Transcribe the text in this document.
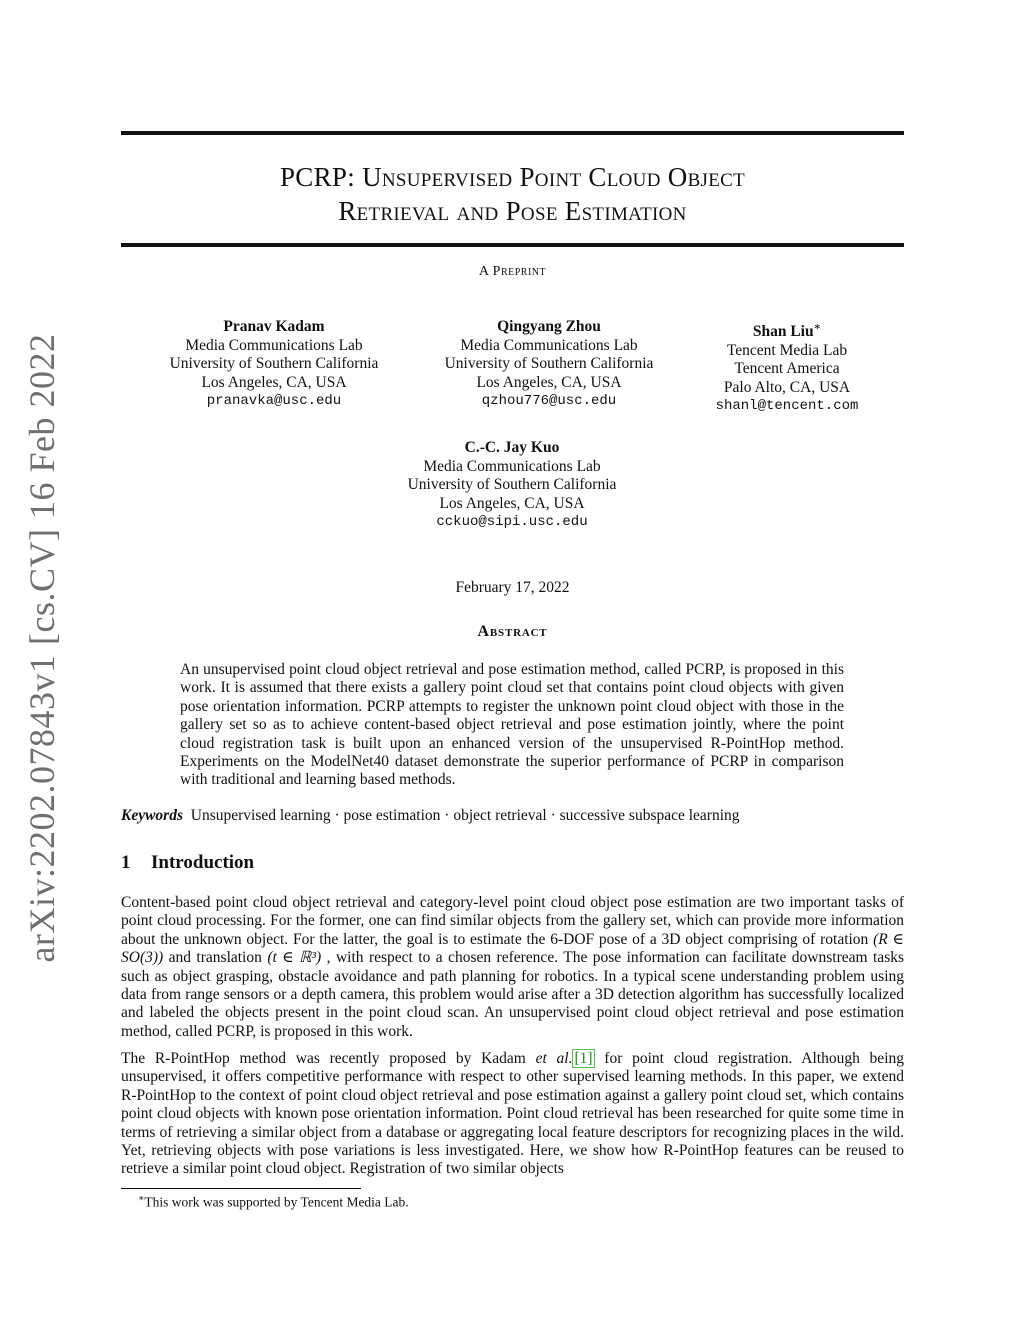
arXiv:2202.07843v1 [cs.CV] 16 Feb 2022
PCRP: Unsupervised Point Cloud Object
Retrieval and Pose Estimation
A Preprint
Pranav Kadam
Media Communications Lab
University of Southern California
Los Angeles, CA, USA
pranavka@usc.edu
Qingyang Zhou
Media Communications Lab
University of Southern California
Los Angeles, CA, USA
qzhou776@usc.edu
Shan Liu∗
Tencent Media Lab
Tencent America
Palo Alto, CA, USA
shanl@tencent.com
C.-C. Jay Kuo
Media Communications Lab
University of Southern California
Los Angeles, CA, USA
cckuo@sipi.usc.edu
February 17, 2022
Abstract
An unsupervised point cloud object retrieval and pose estimation method, called PCRP, is proposed in this work. It is assumed that there exists a gallery point cloud set that contains point cloud objects with given pose orientation information. PCRP attempts to register the unknown point cloud object with those in the gallery set so as to achieve content-based object retrieval and pose estimation jointly, where the point cloud registration task is built upon an enhanced version of the unsupervised R-PointHop method. Experiments on the ModelNet40 dataset demonstrate the superior performance of PCRP in comparison with traditional and learning based methods.
Keywords Unsupervised learning · pose estimation · object retrieval · successive subspace learning
1 Introduction
Content-based point cloud object retrieval and category-level point cloud object pose estimation are two important tasks of point cloud processing. For the former, one can find similar objects from the gallery set, which can provide more information about the unknown object. For the latter, the goal is to estimate the 6-DOF pose of a 3D object comprising of rotation (R ∈ SO(3)) and translation (t ∈ ℝ³) , with respect to a chosen reference. The pose information can facilitate downstream tasks such as object grasping, obstacle avoidance and path planning for robotics. In a typical scene understanding problem using data from range sensors or a depth camera, this problem would arise after a 3D detection algorithm has successfully localized and labeled the objects present in the point cloud scan. An unsupervised point cloud object retrieval and pose estimation method, called PCRP, is proposed in this work.
The R-PointHop method was recently proposed by Kadam et al. [1] for point cloud registration. Although being unsupervised, it offers competitive performance with respect to other supervised learning methods. In this paper, we extend R-PointHop to the context of point cloud object retrieval and pose estimation against a gallery point cloud set, which contains point cloud objects with known pose orientation information. Point cloud retrieval has been researched for quite some time in terms of retrieving a similar object from a database or aggregating local feature descriptors for recognizing places in the wild. Yet, retrieving objects with pose variations is less investigated. Here, we show how R-PointHop features can be reused to retrieve a similar point cloud object. Registration of two similar objects
∗This work was supported by Tencent Media Lab.
